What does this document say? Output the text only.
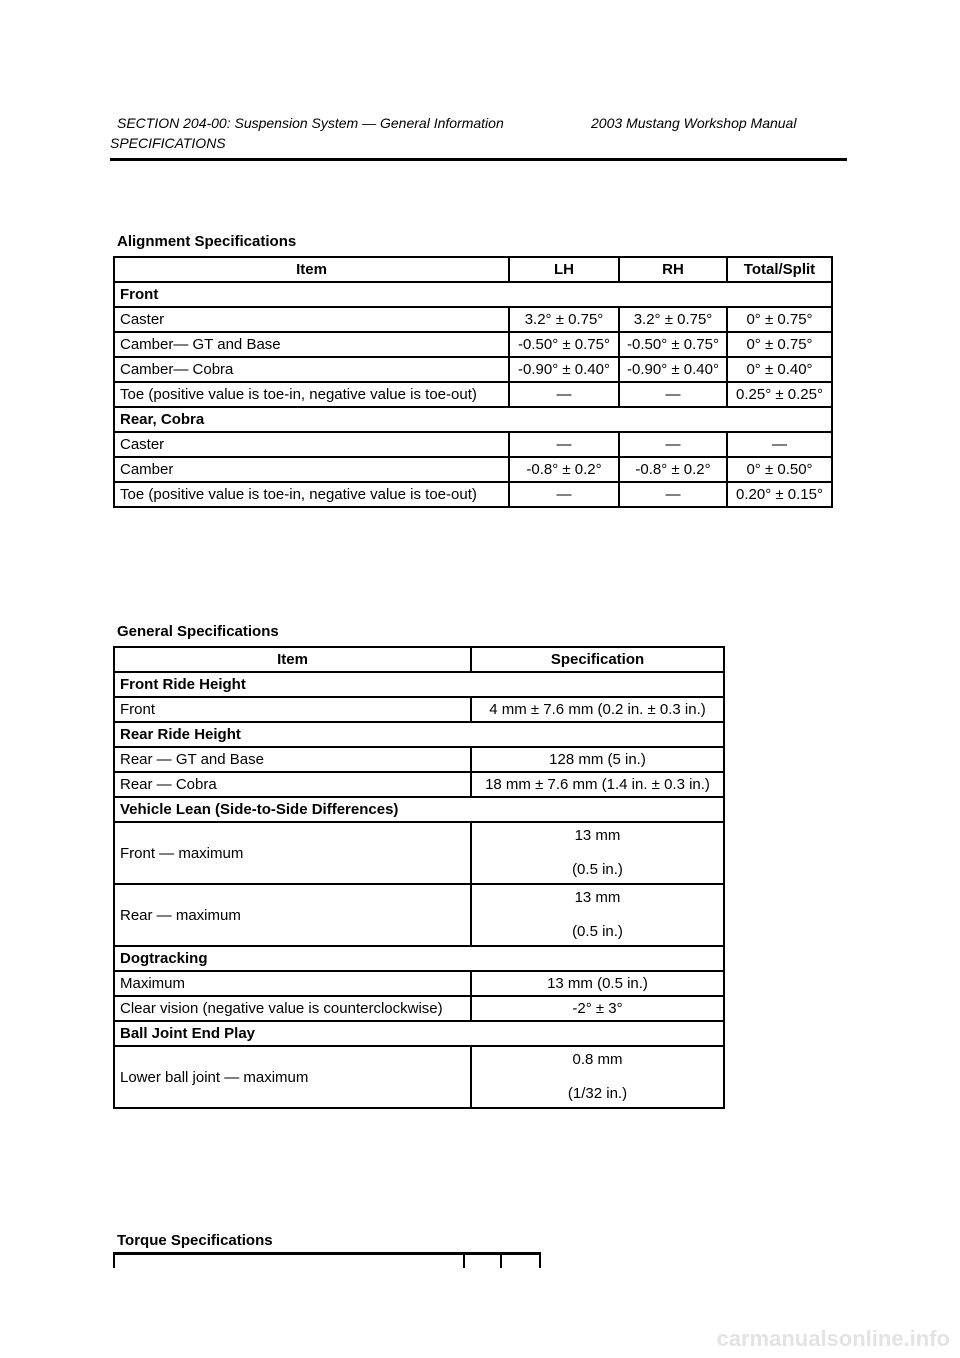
SECTION 204-00: Suspension System — General Information	2003 Mustang Workshop Manual
SPECIFICATIONS
Alignment Specifications
Item	LH	RH	Total/Split
Front			
Caster	3.2° ± 0.75°	3.2° ± 0.75°	0° ± 0.75°
Camber— GT and Base	-0.50° ± 0.75°	-0.50° ± 0.75°	0° ± 0.75°
Camber— Cobra	-0.90° ± 0.40°	-0.90° ± 0.40°	0° ± 0.40°
Toe (positive value is toe-in, negative value is toe-out)	—	—	0.25° ± 0.25°
Rear, Cobra			
Caster	—	—	—
Camber	-0.8° ± 0.2°	-0.8° ± 0.2°	0° ± 0.50°
Toe (positive value is toe-in, negative value is toe-out)	—	—	0.20° ± 0.15°
General Specifications
Item	Specification
Front Ride Height	
Front	4 mm ± 7.6 mm (0.2 in. ± 0.3 in.)
Rear Ride Height	
Rear — GT and Base	128 mm (5 in.)
Rear — Cobra	18 mm ± 7.6 mm (1.4 in. ± 0.3 in.)
Vehicle Lean (Side-to-Side Differences)	
Front — maximum	13 mm
(0.5 in.)

Rear — maximum	13 mm
(0.5 in.)

Dogtracking	
Maximum	13 mm (0.5 in.)
Clear vision (negative value is counterclockwise)	-2° ± 3°
Ball Joint End Play	
Lower ball joint — maximum	0.8 mm
(1/32 in.)
Torque Specifications
carmanualsonline.info
